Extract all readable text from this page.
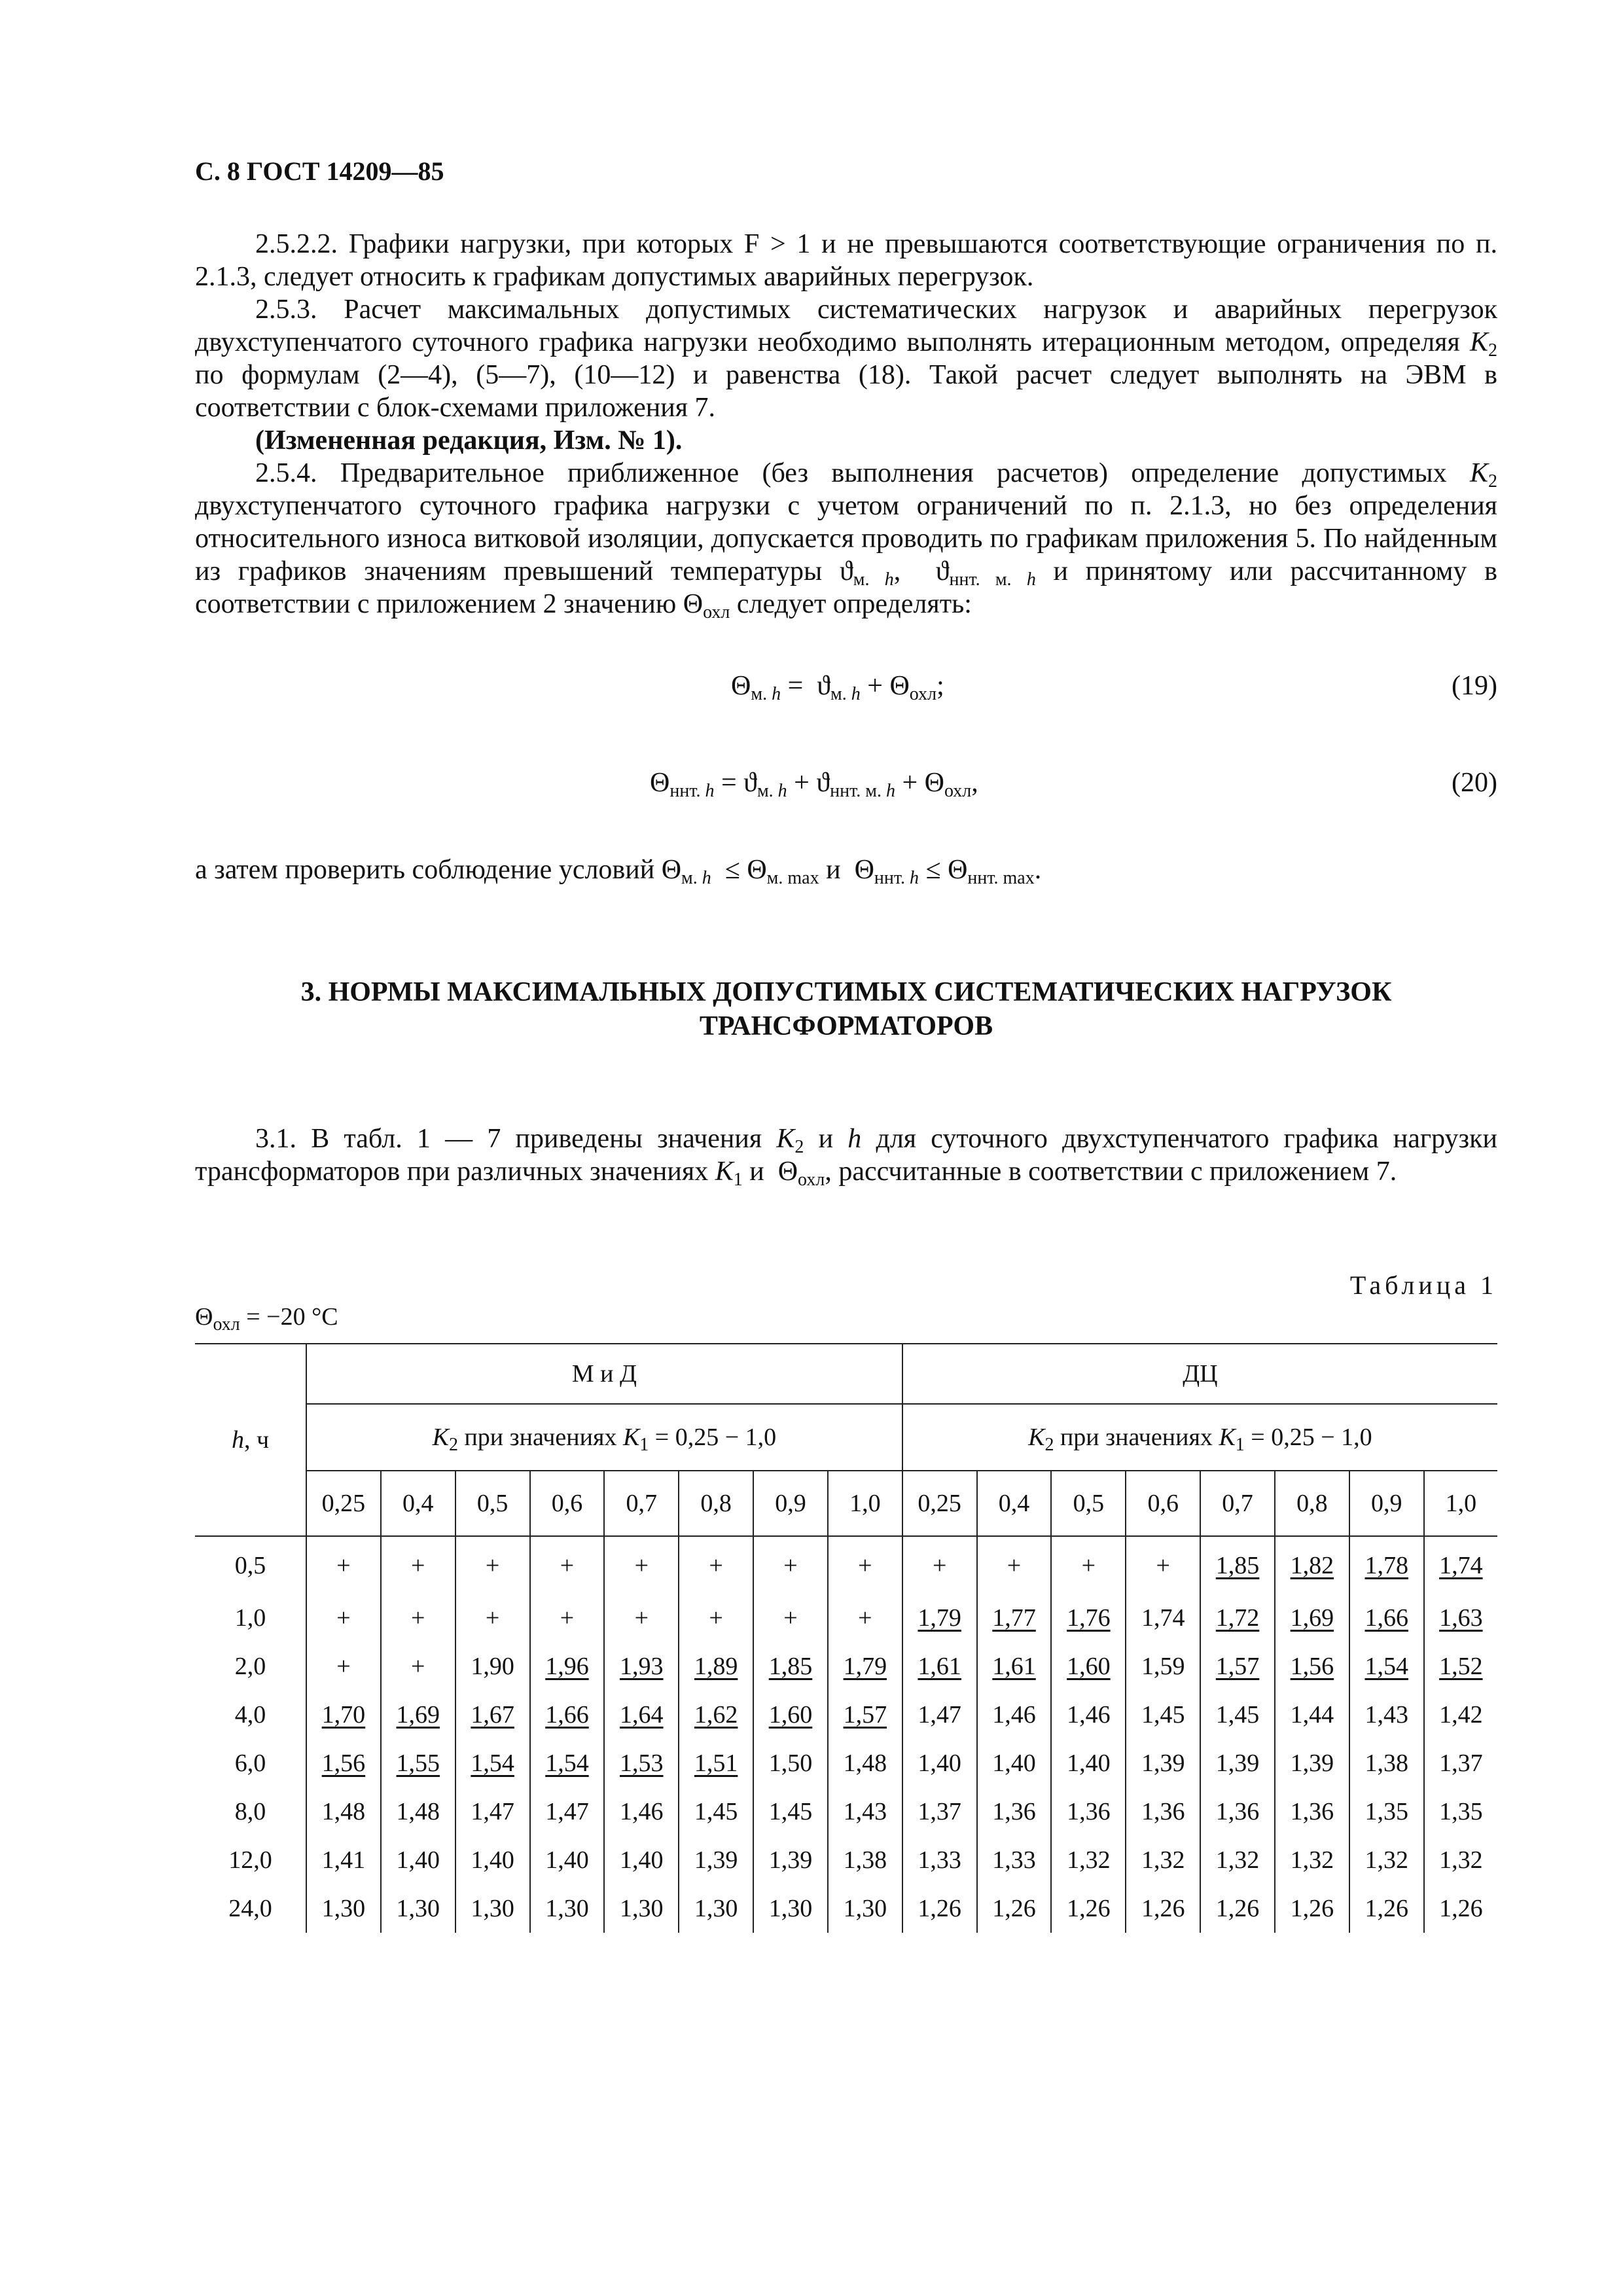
С. 8 ГОСТ 14209—85

2.5.2.2. Графики нагрузки, при которых F > 1 и не превышаются соответствующие ограничения по п. 2.1.3, следует относить к графикам допустимых аварийных перегрузок.

2.5.3. Расчет максимальных допустимых систематических нагрузок и аварийных перегрузок двухступенчатого суточного графика нагрузки необходимо выполнять итерационным методом, определяя $K_2$ по формулам (2—4), (5—7), (10—12) и равенства (18). Такой расчет следует выполнять на ЭВМ в соответствии с блок-схемами приложения 7.

(Измененная редакция, Изм. № 1).

2.5.4. Предварительное приближенное (без выполнения расчетов) определение допустимых $K_2$ двухступенчатого суточного графика нагрузки с учетом ограничений по п. 2.1.3, но без определения относительного износа витковой изоляции, допускается проводить по графикам приложения 5. По найденным из графиков значениям превышений температуры $ϑ_{м. h}$,  $ϑ_{ннт. м. h}$ и принятому или рассчитанному в соответствии с приложением 2 значению $\Theta_{охл}$ следует определять:

$\Theta_{м. h} = ϑ_{м. h} + \Theta_{охл}$;	(19)
$\Theta_{ннт. h} = ϑ_{м. h} + ϑ_{ннт. м. h} + \Theta_{охл}$,	(20)
а затем проверить соблюдение условий $\Theta_{м. h} \le \Theta_{м. max}$ и  $\Theta_{ннт. h} \le \Theta_{ннт. max}$.
3. НОРМЫ МАКСИМАЛЬНЫХ ДОПУСТИМЫХ СИСТЕМАТИЧЕСКИХ НАГРУЗОК
ТРАНСФОРМАТОРОВ

3.1. В табл. 1 — 7 приведены значения $K_2$ и h для суточного двухступенчатого графика нагрузки трансформаторов при различных значениях $K_1$ и  $\Theta_{охл}$, рассчитанные в соответствии с приложением 7.

Таблица 1
$\Theta_{охл} = -20$ °С
h, ч	М и Д								ДЦ							
	$K_2$ при значениях $K_1 = 0,25 - 1,0$								$K_2$ при значениях $K_1 = 0,25 - 1,0$							
	0,25	0,4	0,5	0,6	0,7	0,8	0,9	1,0	0,25	0,4	0,5	0,6	0,7	0,8	0,9	1,0
0,5	+	+	+	+	+	+	+	+	+	+	+	+	1,85	1,82	1,78	1,74
1,0	+	+	+	+	+	+	+	+	1,79	1,77	1,76	1,74	1,72	1,69	1,66	1,63
2,0	+	+	1,90	1,96	1,93	1,89	1,85	1,79	1,61	1,61	1,60	1,59	1,57	1,56	1,54	1,52
4,0	1,70	1,69	1,67	1,66	1,64	1,62	1,60	1,57	1,47	1,46	1,46	1,45	1,45	1,44	1,43	1,42
6,0	1,56	1,55	1,54	1,54	1,53	1,51	1,50	1,48	1,40	1,40	1,40	1,39	1,39	1,39	1,38	1,37
8,0	1,48	1,48	1,47	1,47	1,46	1,45	1,45	1,43	1,37	1,36	1,36	1,36	1,36	1,36	1,35	1,35
12,0	1,41	1,40	1,40	1,40	1,40	1,39	1,39	1,38	1,33	1,33	1,32	1,32	1,32	1,32	1,32	1,32
24,0	1,30	1,30	1,30	1,30	1,30	1,30	1,30	1,30	1,26	1,26	1,26	1,26	1,26	1,26	1,26	1,26
